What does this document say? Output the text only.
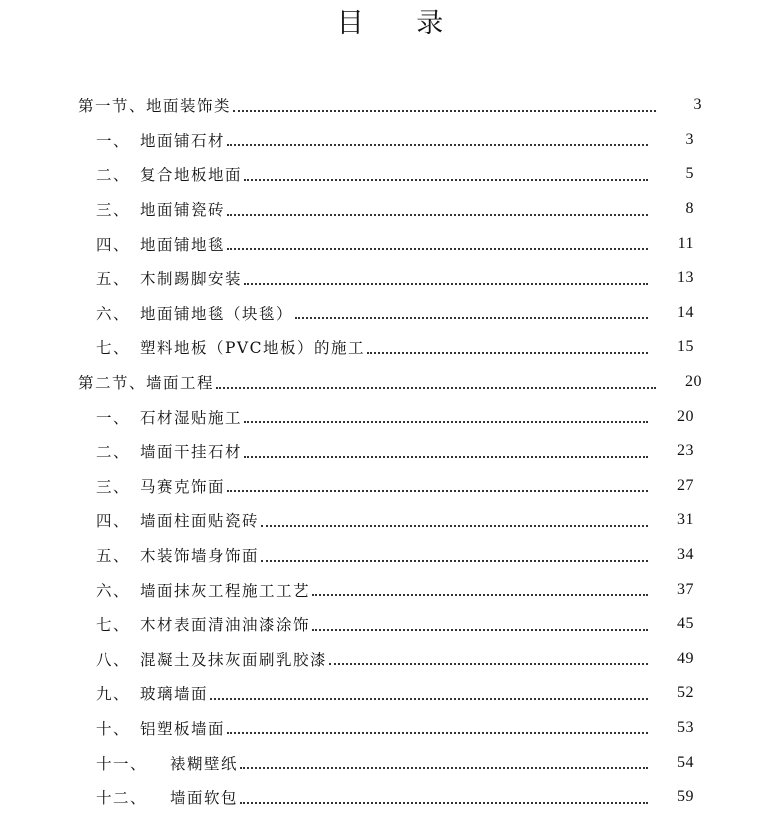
目 录
第一节、地面装饰类	3
一、 地面铺石材	3
二、 复合地板地面	5
三、 地面铺瓷砖	8
四、 地面铺地毯	11
五、 木制踢脚安装	13
六、 地面铺地毯（块毯）	14
七、 塑料地板（PVC地板）的施工	15
第二节、墙面工程	20
一、 石材湿贴施工	20
二、 墙面干挂石材	23
三、 马赛克饰面	27
四、 墙面柱面贴瓷砖	31
五、 木装饰墙身饰面	34
六、 墙面抹灰工程施工工艺	37
七、 木材表面清油油漆涂饰	45
八、 混凝土及抹灰面刷乳胶漆	49
九、 玻璃墙面	52
十、 铝塑板墙面	53
十一、	裱糊壁纸	54
十二、	墙面软包	59
